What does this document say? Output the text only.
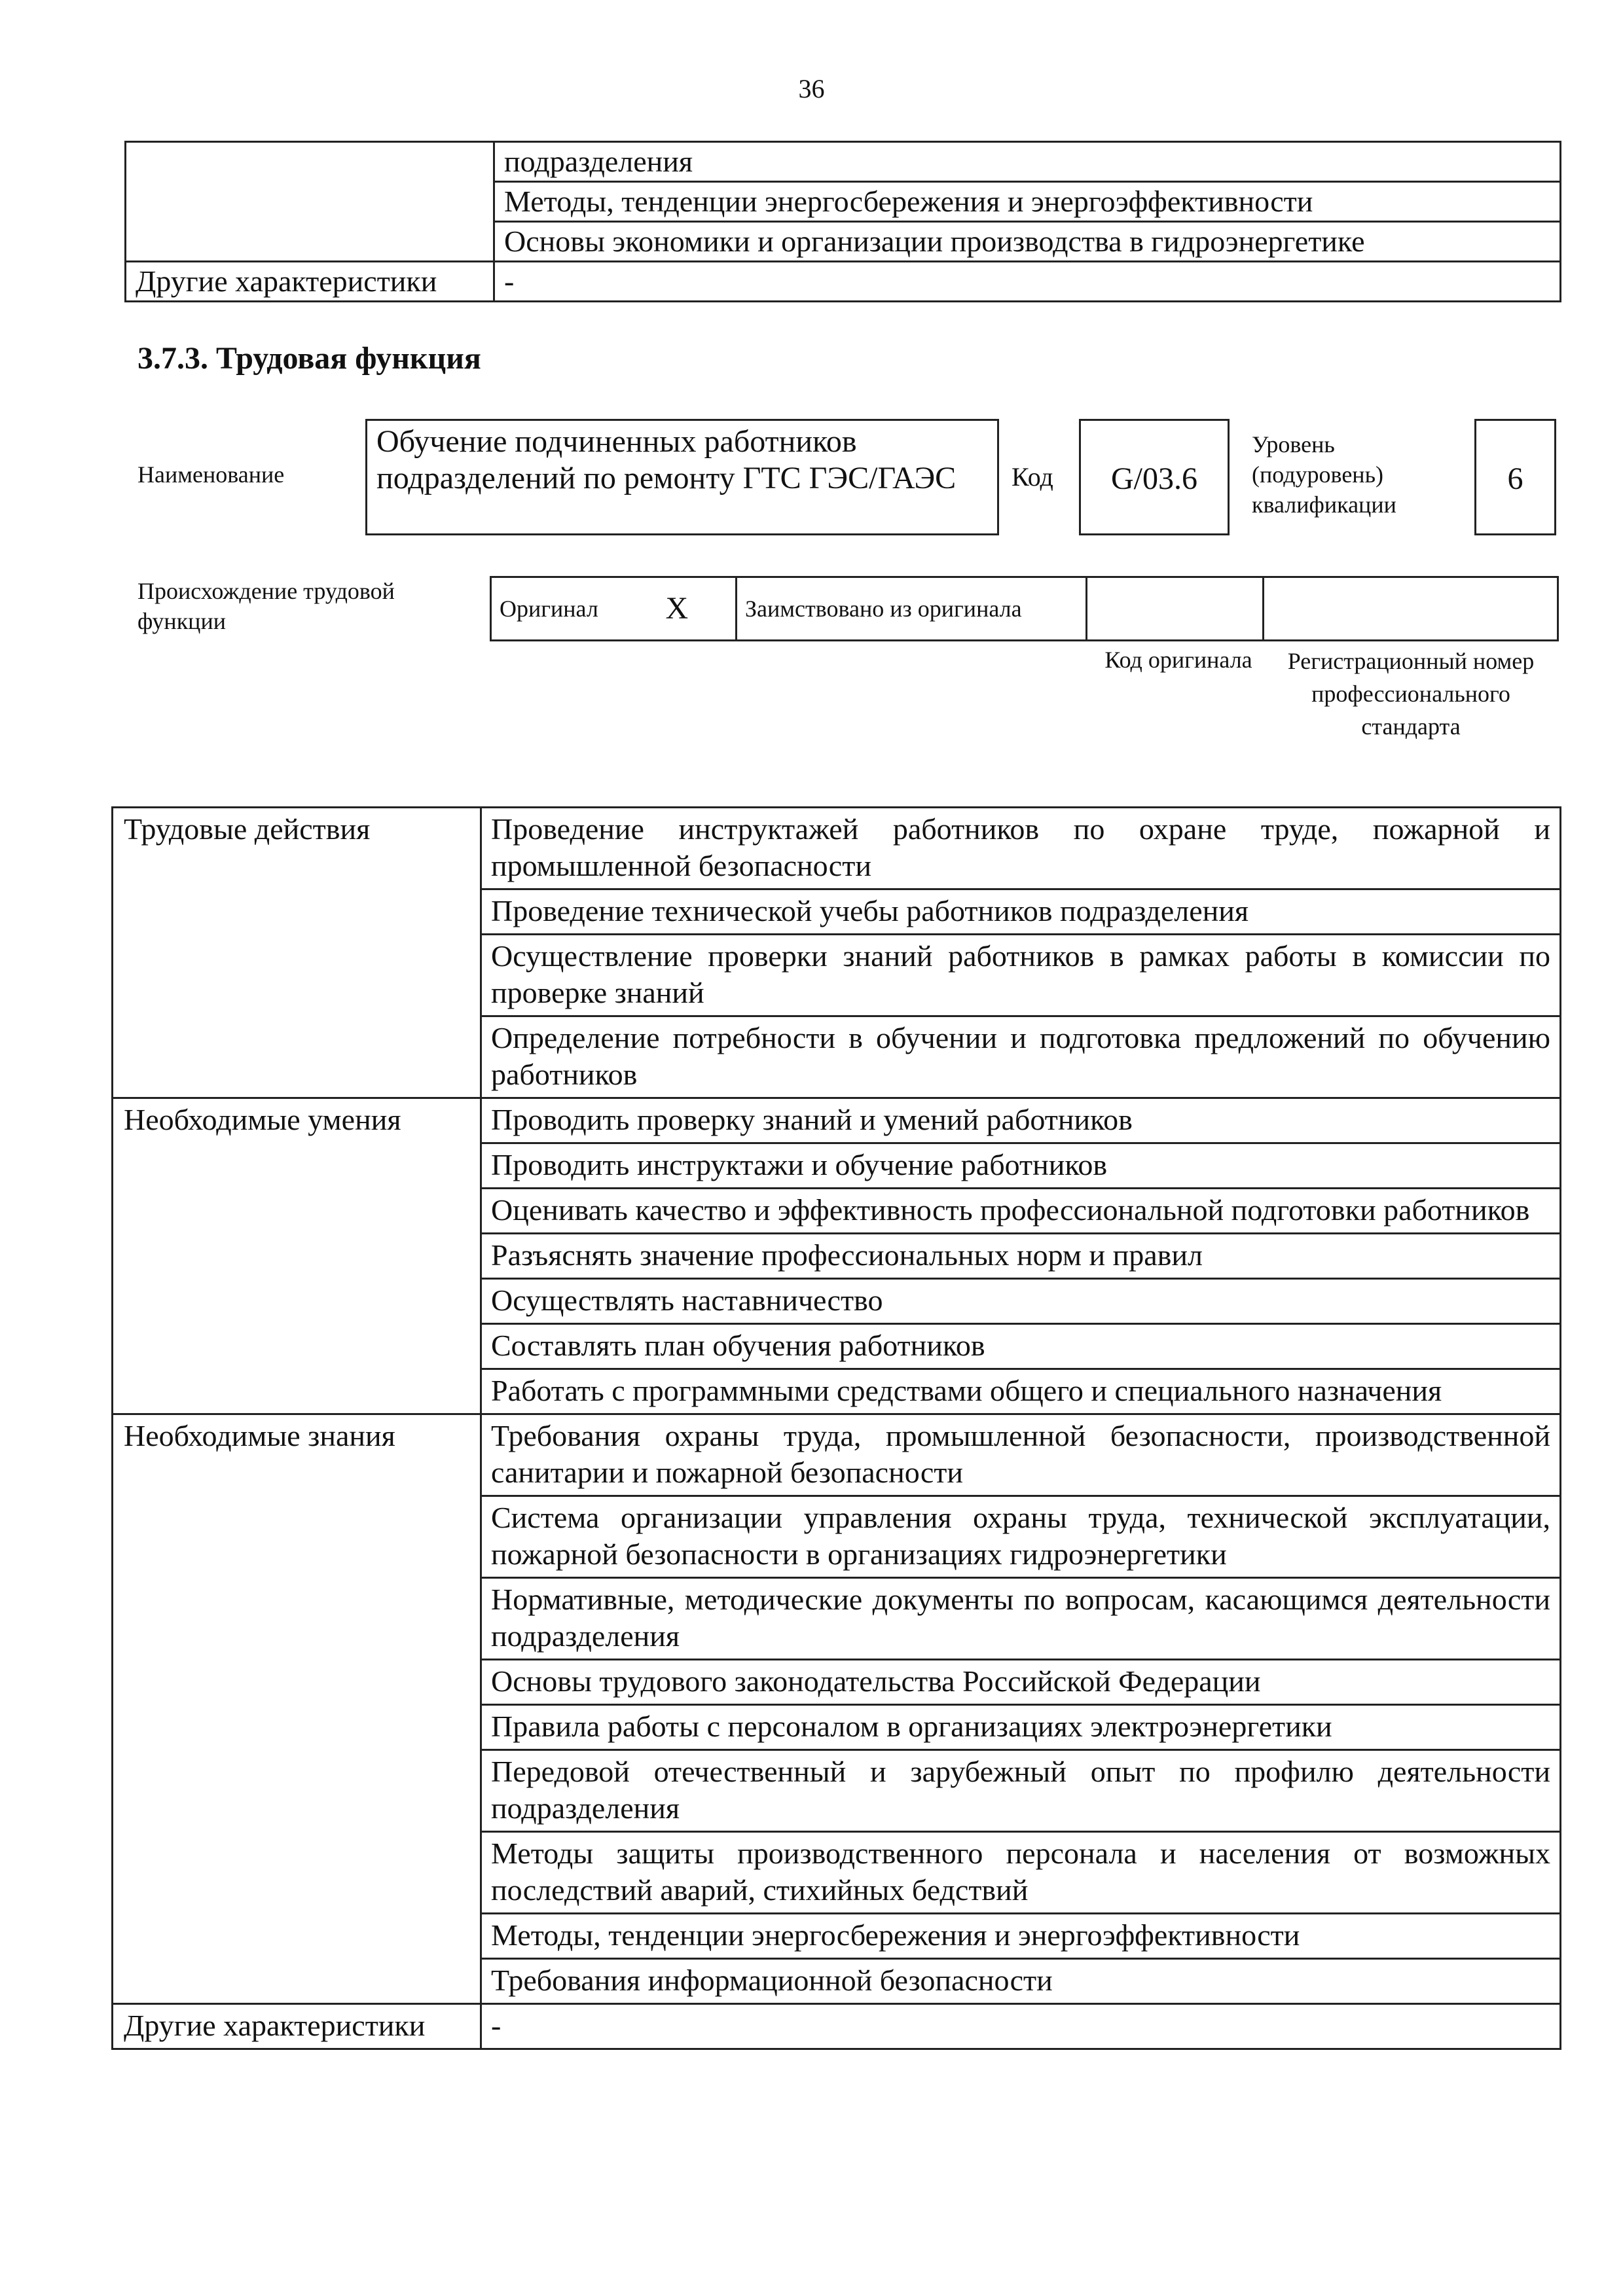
36
	подразделения
	Методы, тенденции энергосбережения и энергоэффективности
	Основы экономики и организации производства в гидроэнергетике
Другие характеристики	-
3.7.3. Трудовая функция
Наименование
Обучение подчиненных работников подразделений по ремонту ГТС ГЭС/ГАЭС	Код	G/03.6
Уровень (подуровень) квалификации
6
Происхождение трудовой функции	Оригинал	X	Заимствовано из оригинала		
Код оригинала	Регистрационный номер профессионального стандарта
Трудовые действия	Проведение инструктажей работников по охране труде, пожарной и промышленной безопасности
	Проведение технической учебы работников подразделения
	Осуществление проверки знаний работников в рамках работы в комиссии по проверке знаний
	Определение потребности в обучении и подготовка предложений по обучению работников
Необходимые умения	Проводить проверку знаний и умений работников
	Проводить инструктажи и обучение работников
	Оценивать качество и эффективность профессиональной подготовки работников
	Разъяснять значение профессиональных норм и правил
	Осуществлять наставничество
	Составлять план обучения работников
	Работать с программными средствами общего и специального назначения
Необходимые знания	Требования охраны труда, промышленной безопасности, производственной санитарии и пожарной безопасности
	Система организации управления охраны труда, технической эксплуатации, пожарной безопасности в организациях гидроэнергетики
	Нормативные, методические документы по вопросам, касающимся деятельности подразделения
	Основы трудового законодательства Российской Федерации
	Правила работы с персоналом в организациях электроэнергетики
	Передовой отечественный и зарубежный опыт по профилю деятельности подразделения
	Методы защиты производственного персонала и населения от возможных последствий аварий, стихийных бедствий
	Методы, тенденции энергосбережения и энергоэффективности
	Требования информационной безопасности
Другие характеристики	-
